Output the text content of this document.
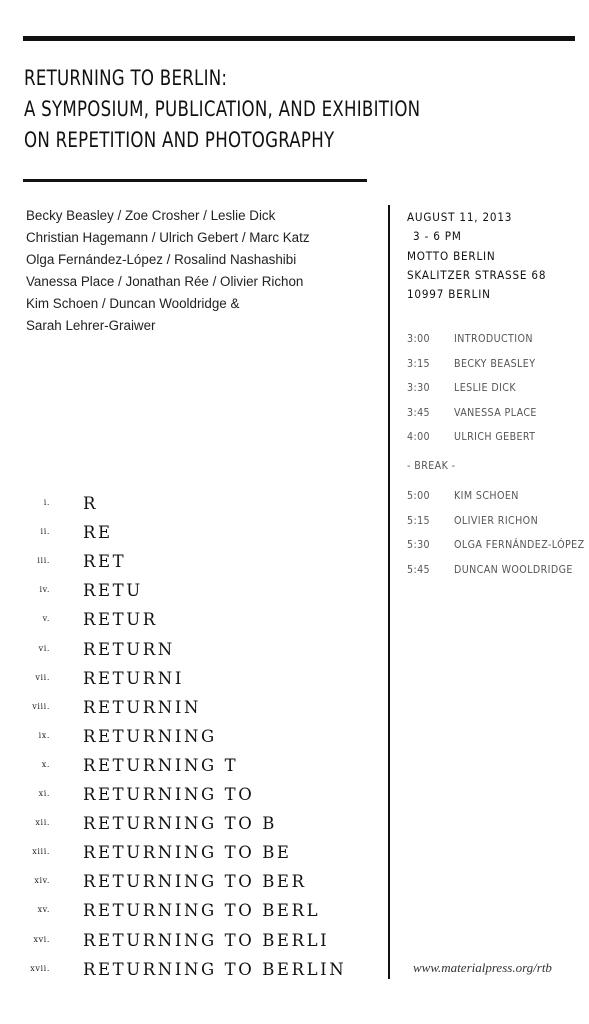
RETURNING TO BERLIN:
A SYMPOSIUM, PUBLICATION, AND EXHIBITION
ON REPETITION AND PHOTOGRAPHY
Becky Beasley / Zoe Crosher / Leslie Dick
Christian Hagemann / Ulrich Gebert / Marc Katz
Olga Fernández-López / Rosalind Nashashibi
Vanessa Place / Jonathan Rée / Olivier Richon
Kim Schoen / Duncan Wooldridge &
Sarah Lehrer-Graiwer
AUGUST 11, 2013
3 - 6 PM
MOTTO BERLIN
SKALITZER STRASSE 68
10997 BERLIN
3:00	INTRODUCTION
3:15	BECKY BEASLEY
3:30	LESLIE DICK
3:45	VANESSA PLACE
4:00	ULRICH GEBERT
- BREAK -
5:00	KIM SCHOEN
5:15	OLIVIER RICHON
5:30	OLGA FERNÁNDEZ-LÓPEZ
5:45	DUNCAN WOOLDRIDGE
i. R
ii. RE
iii. RET
iv. RETU
v. RETUR
vi. RETURN
vii. RETURNI
viii. RETURNIN
ix. RETURNING
x. RETURNING T
xi. RETURNING TO
xii. RETURNING TO B
xiii. RETURNING TO BE
xiv. RETURNING TO BER
xv. RETURNING TO BERL
xvi. RETURNING TO BERLI
xvii. RETURNING TO BERLIN	www.materialpress.org/rtb
